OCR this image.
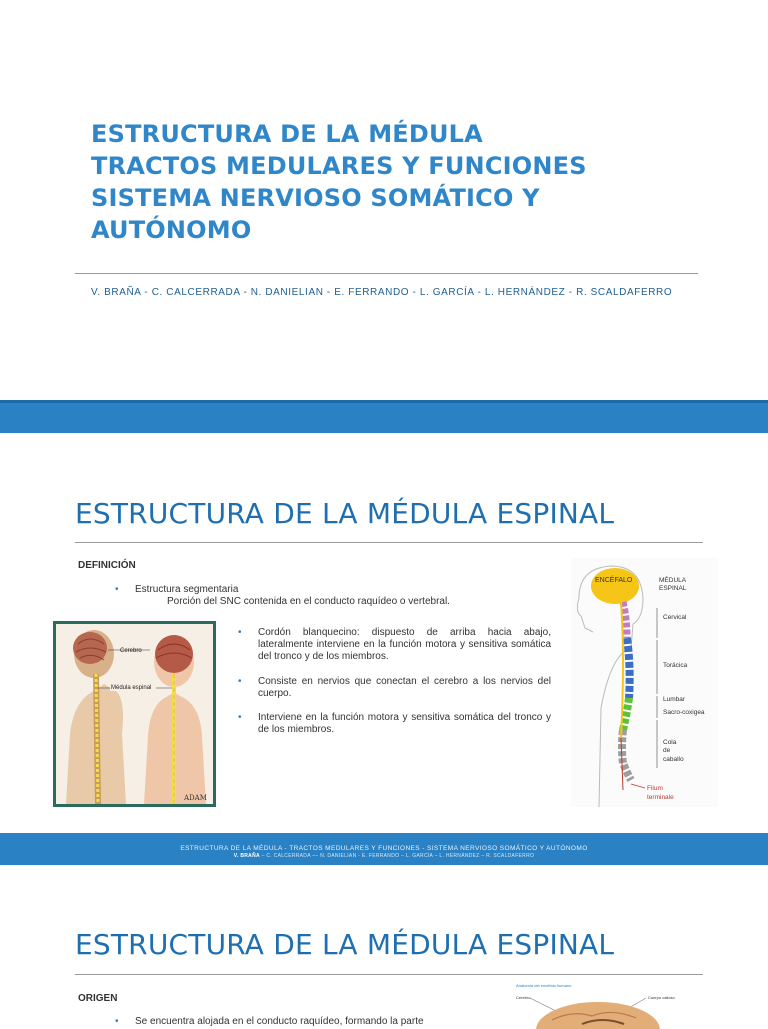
ESTRUCTURA DE LA MÉDULA
TRACTOS MEDULARES Y FUNCIONES
SISTEMA NERVIOSO SOMÁTICO Y
AUTÓNOMO
V. BRAÑA - C. CALCERRADA - N. DANIELIAN - E. FERRANDO - L. GARCÍA - L. HERNÁNDEZ - R. SCALDAFERRO
ESTRUCTURA DE LA MÉDULA ESPINAL
DEFINICIÓN
• Estructura segmentaria
Porción del SNC contenida en el conducto raquídeo o vertebral.
• Cordón blanquecino: dispuesto de arriba hacia abajo, lateralmente interviene en la función motora y sensitiva somática del tronco y de los miembros.
• Consiste en nervios que conectan el cerebro a los nervios del cuerpo.
• Interviene en la función motora y sensitiva somática del tronco y de los miembros.
Cerebro
Médula espinal
ADAM
ENCÉFALO	MÉDULA
ESPINAL
Cervical
Torácica
Lumbar
Sacro-coxigea
Cola
de
caballo
Filum
terminale
ESTRUCTURA DE LA MÉDULA - TRACTOS MEDULARES Y FUNCIONES - SISTEMA NERVIOSO SOMÁTICO Y AUTÓNOMO
V. BRAÑA – C. CALCERRADA –– N. DANIELIAN - E. FERRANDO – L. GARCÍA – L. HERNÁNDEZ – R. SCALDAFERRO
ESTRUCTURA DE LA MÉDULA ESPINAL
ORIGEN
• Se encuentra alojada en el conducto raquídeo, formando la parte
Anatomía del encéfalo humano
Cerebro	Cuerpo calloso
